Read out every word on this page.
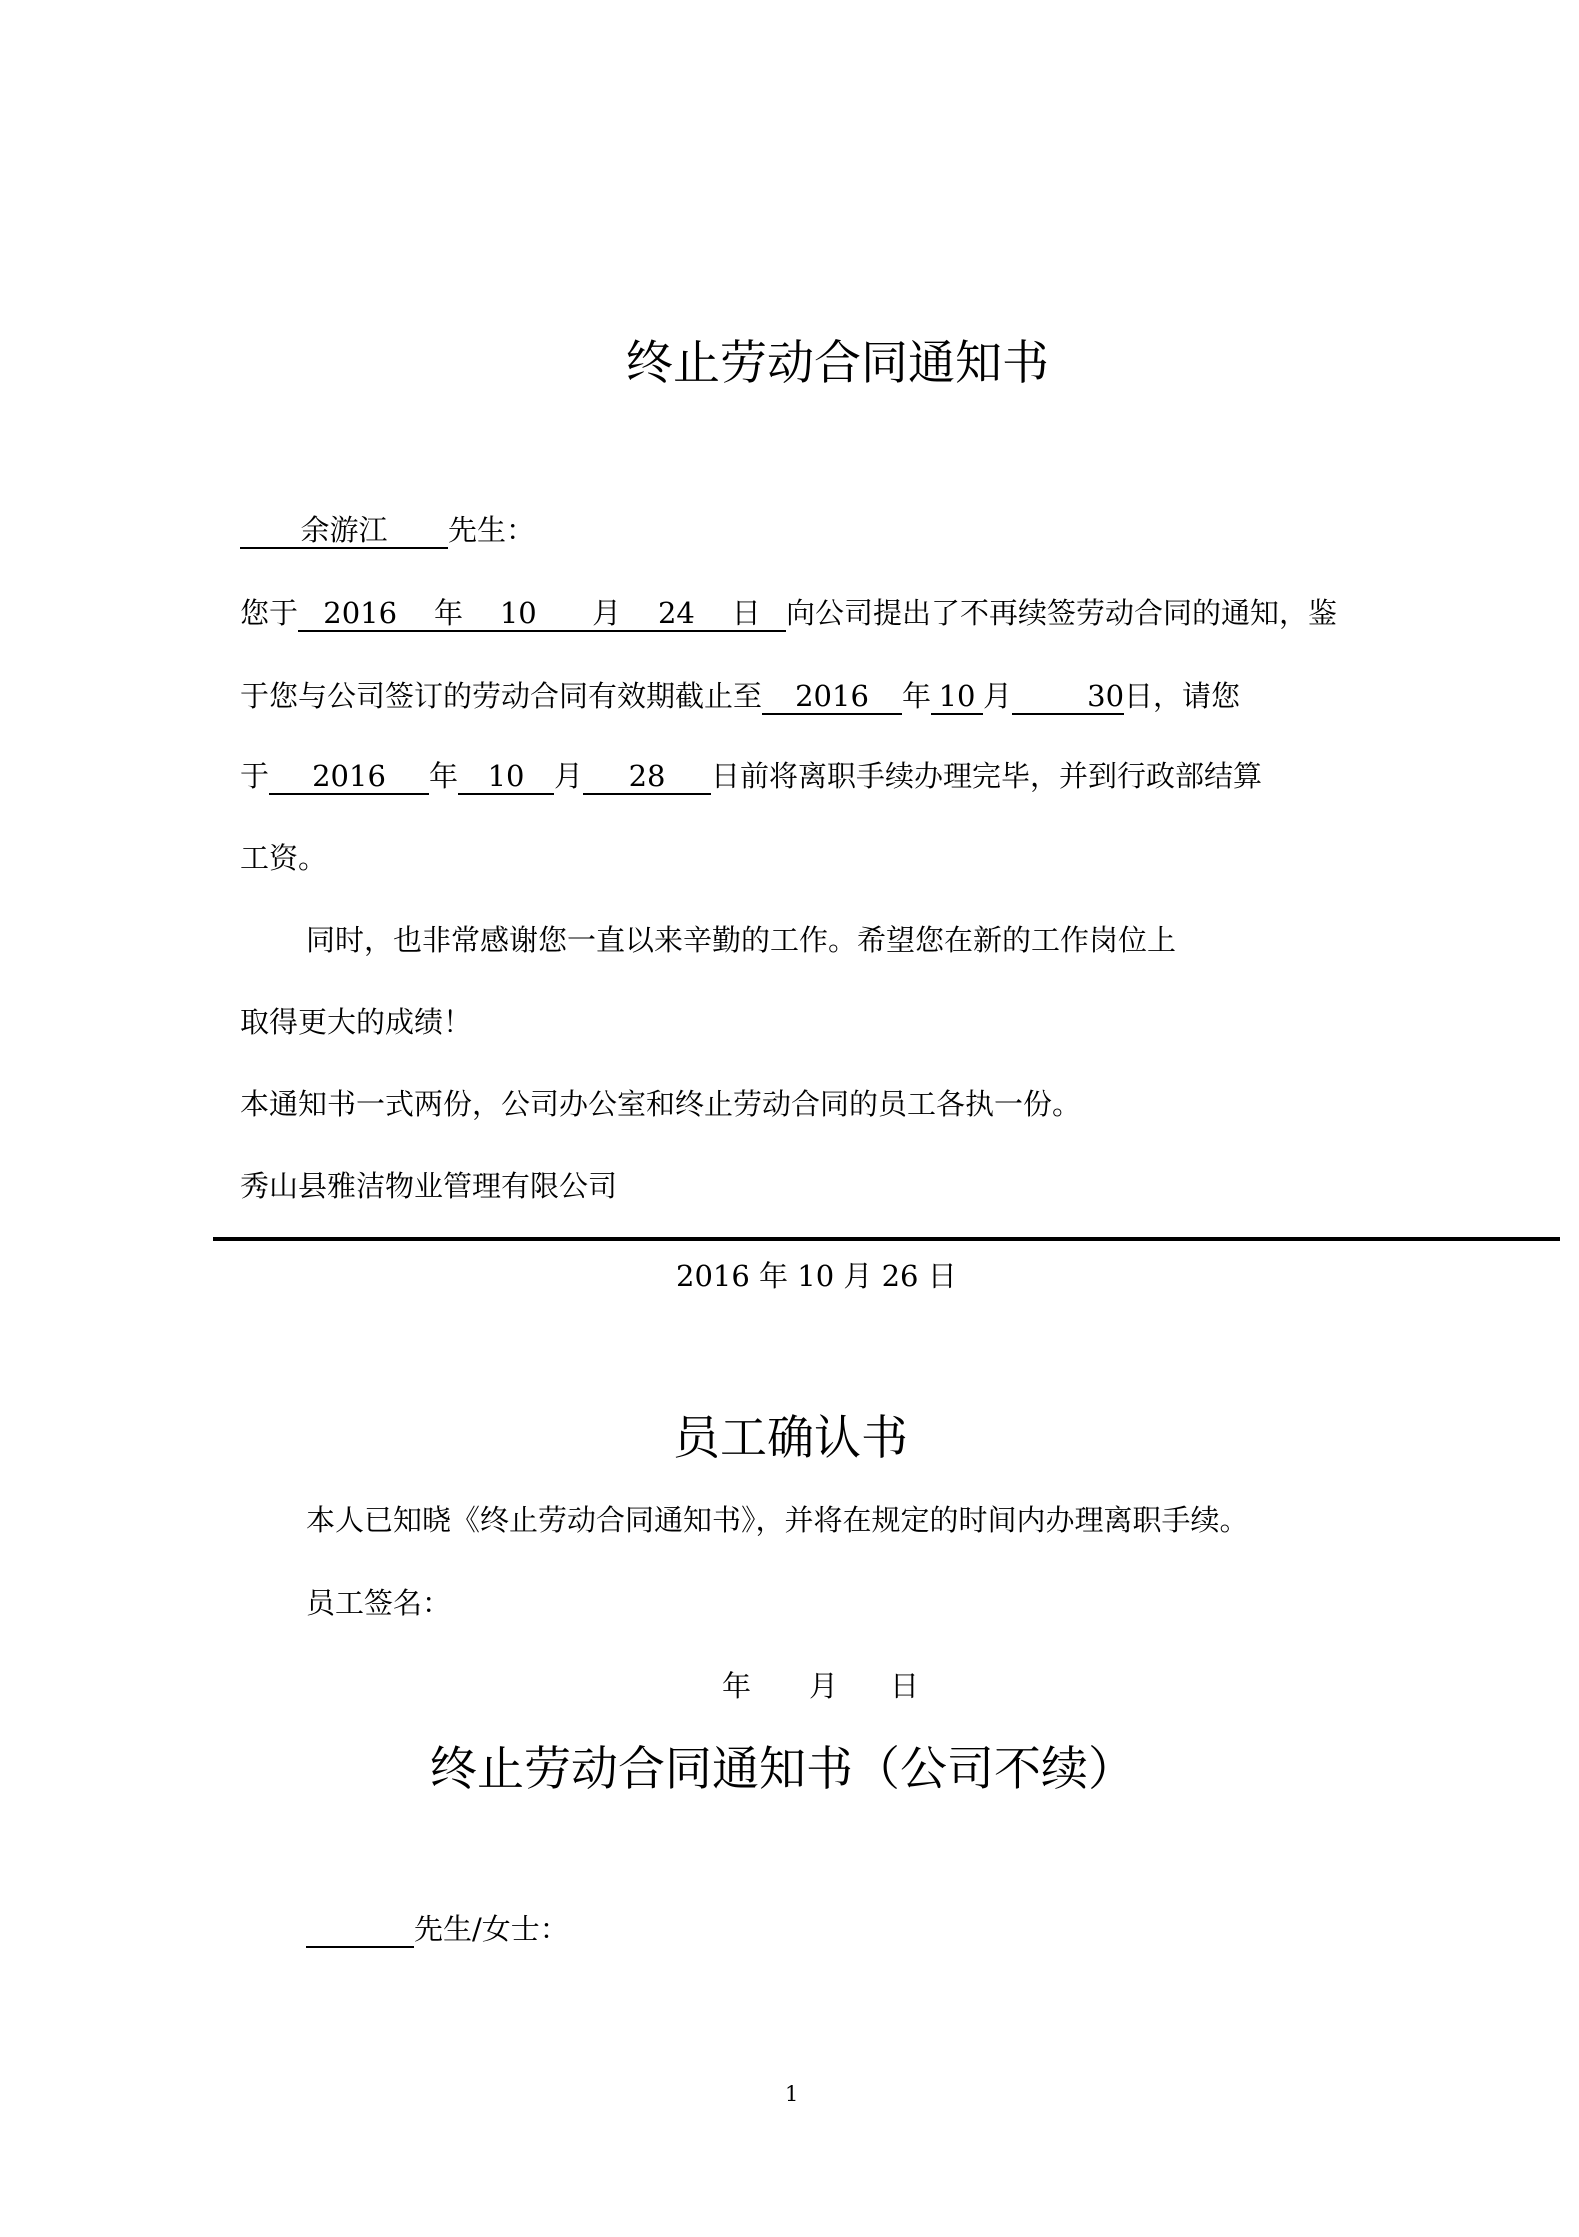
终止劳动合同通知书
余游江 先生：
您于 2016 年 10 月 24 日 向公司提出了不再续签劳动合同的通知，鉴
于您与公司签订的劳动合同有效期截止至 2016 年 10 月	30日，请您
于 2016 年 10 月 28 日前将离职手续办理完毕，并到行政部结算
工资。
同时，也非常感谢您一直以来辛勤的工作。希望您在新的工作岗位上
取得更大的成绩！
本通知书一式两份，公司办公室和终止劳动合同的员工各执一份。
秀山县雅洁物业管理有限公司
2016 年 10 月 26 日
员工确认书
本人已知晓《终止劳动合同通知书》，并将在规定的时间内办理离职手续。
员工签名：
年 月 日
终止劳动合同通知书（公司不续）
先生/女士：
1
